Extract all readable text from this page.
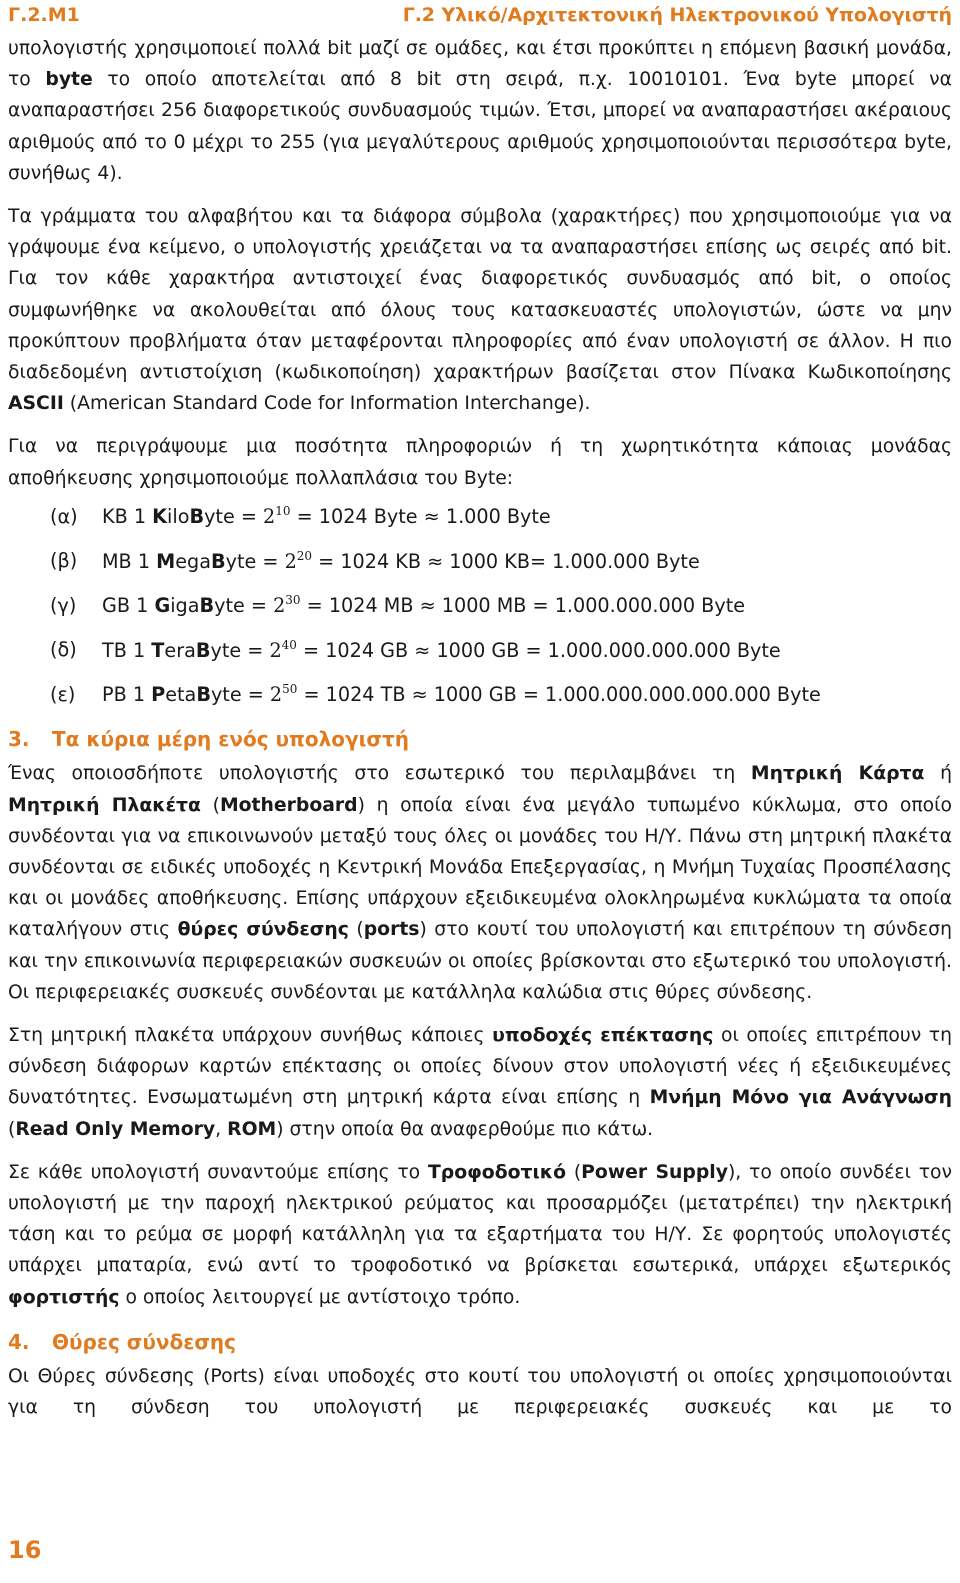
Γ.2.Μ1	Γ.2 Υλικό/Αρχιτεκτονική Ηλεκτρονικού Υπολογιστή

υπολογιστής χρησιμοποιεί πολλά bit μαζί σε ομάδες, και έτσι προκύπτει η επόμενη βασική μονάδα, το byte το οποίο αποτελείται από 8 bit στη σειρά, π.χ. 10010101. Ένα byte μπορεί να αναπαραστήσει 256 διαφορετικούς συνδυασμούς τιμών. Έτσι, μπορεί να αναπαραστήσει ακέραιους αριθμούς από το 0 μέχρι το 255 (για μεγαλύτερους αριθμούς χρησιμοποιούνται περισσότερα byte, συνήθως 4).

Τα γράμματα του αλφαβήτου και τα διάφορα σύμβολα (χαρακτήρες) που χρησιμοποιούμε για να γράψουμε ένα κείμενο, ο υπολογιστής χρειάζεται να τα αναπαραστήσει επίσης ως σειρές από bit. Για τον κάθε χαρακτήρα αντιστοιχεί ένας διαφορετικός συνδυασμός από bit, ο οποίος συμφωνήθηκε να ακολουθείται από όλους τους κατασκευαστές υπολογιστών, ώστε να μην προκύπτουν προβλήματα όταν μεταφέρονται πληροφορίες από έναν υπολογιστή σε άλλον. Η πιο διαδεδομένη αντιστοίχιση (κωδικοποίηση) χαρακτήρων βασίζεται στον Πίνακα Κωδικοποίησης ASCII (American Standard Code for Information Interchange).

Για να περιγράψουμε μια ποσότητα πληροφοριών ή τη χωρητικότητα κάποιας μονάδας αποθήκευσης χρησιμοποιούμε πολλαπλάσια του Byte:

(α)	KB 1 KiloByte = $2^{10} = 1024$ Byte ≈ 1.000 Byte
(β)	MB 1 MegaByte = $2^{20} = 1024$ KB ≈ 1000 KB= 1.000.000 Byte
(γ)	GB 1 GigaByte = $2^{30} = 1024$ MB ≈ 1000 MB = 1.000.000.000 Byte
(δ)	TB 1 TeraByte = $2^{40} = 1024$ GB ≈ 1000 GB = 1.000.000.000.000 Byte
(ε)	PB 1 PetaByte = $2^{50} = 1024$ TB ≈ 1000 GB = 1.000.000.000.000.000 Byte
3.	Τα κύρια μέρη ενός υπολογιστή

Ένας οποιοσδήποτε υπολογιστής στο εσωτερικό του περιλαμβάνει τη Μητρική Κάρτα ή Μητρική Πλακέτα (Motherboard) η οποία είναι ένα μεγάλο τυπωμένο κύκλωμα, στο οποίο συνδέονται για να επικοινωνούν μεταξύ τους όλες οι μονάδες του Η/Υ. Πάνω στη μητρική πλακέτα συνδέονται σε ειδικές υποδοχές η Κεντρική Μονάδα Επεξεργασίας, η Μνήμη Τυχαίας Προσπέλασης και οι μονάδες αποθήκευσης. Επίσης υπάρχουν εξειδικευμένα ολοκληρωμένα κυκλώματα τα οποία καταλήγουν στις θύρες σύνδεσης (ports) στο κουτί του υπολογιστή και επιτρέπουν τη σύνδεση και την επικοινωνία περιφερειακών συσκευών οι οποίες βρίσκονται στο εξωτερικό του υπολογιστή. Οι περιφερειακές συσκευές συνδέονται με κατάλληλα καλώδια στις θύρες σύνδεσης.

Στη μητρική πλακέτα υπάρχουν συνήθως κάποιες υποδοχές επέκτασης οι οποίες επιτρέπουν τη σύνδεση διάφορων καρτών επέκτασης οι οποίες δίνουν στον υπολογιστή νέες ή εξειδικευμένες δυνατότητες. Ενσωματωμένη στη μητρική κάρτα είναι επίσης η Μνήμη Μόνο για Ανάγνωση (Read Only Memory, ROM) στην οποία θα αναφερθούμε πιο κάτω.

Σε κάθε υπολογιστή συναντούμε επίσης το Τροφοδοτικό (Power Supply), το οποίο συνδέει τον υπολογιστή με την παροχή ηλεκτρικού ρεύματος και προσαρμόζει (μετατρέπει) την ηλεκτρική τάση και το ρεύμα σε μορφή κατάλληλη για τα εξαρτήματα του Η/Υ. Σε φορητούς υπολογιστές υπάρχει μπαταρία, ενώ αντί το τροφοδοτικό να βρίσκεται εσωτερικά, υπάρχει εξωτερικός φορτιστής ο οποίος λειτουργεί με αντίστοιχο τρόπο.

4.	Θύρες σύνδεσης

Οι Θύρες σύνδεσης (Ports) είναι υποδοχές στο κουτί του υπολογιστή οι οποίες χρησιμοποιούνται για τη σύνδεση του υπολογιστή με περιφερειακές συσκευές και με το

16
